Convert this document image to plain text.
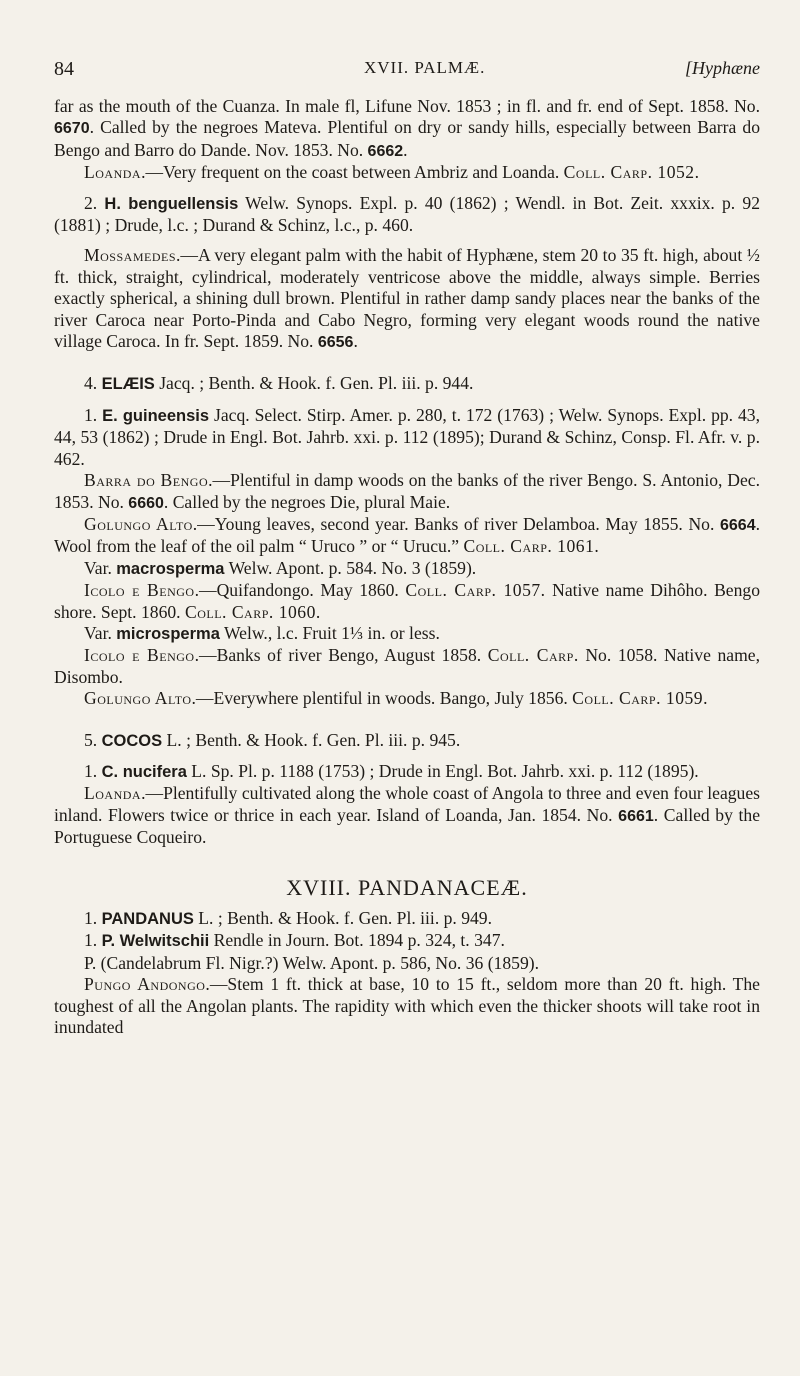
84	XVII. PALMÆ.	[Hyphæne

far as the mouth of the Cuanza. In male fl, Lifune Nov. 1853 ; in fl. and fr. end of Sept. 1858. No. 6670. Called by the negroes Mateva. Plentiful on dry or sandy hills, especially between Barra do Bengo and Barro do Dande. Nov. 1853. No. 6662.

Loanda.—Very frequent on the coast between Ambriz and Loanda. Coll. Carp. 1052.

2. H. benguellensis Welw. Synops. Expl. p. 40 (1862) ; Wendl. in Bot. Zeit. xxxix. p. 92 (1881) ; Drude, l.c. ; Durand & Schinz, l.c., p. 460.

Mossamedes.—A very elegant palm with the habit of Hyphæne, stem 20 to 35 ft. high, about ½ ft. thick, straight, cylindrical, moderately ventricose above the middle, always simple. Berries exactly spherical, a shining dull brown. Plentiful in rather damp sandy places near the banks of the river Caroca near Porto-Pinda and Cabo Negro, forming very elegant woods round the native village Caroca. In fr. Sept. 1859. No. 6656.

4. ELÆIS Jacq. ; Benth. & Hook. f. Gen. Pl. iii. p. 944.

1. E. guineensis Jacq. Select. Stirp. Amer. p. 280, t. 172 (1763) ; Welw. Synops. Expl. pp. 43, 44, 53 (1862) ; Drude in Engl. Bot. Jahrb. xxi. p. 112 (1895); Durand & Schinz, Consp. Fl. Afr. v. p. 462.

Barra do Bengo.—Plentiful in damp woods on the banks of the river Bengo. S. Antonio, Dec. 1853. No. 6660. Called by the negroes Die, plural Maie.

Golungo Alto.—Young leaves, second year. Banks of river Delamboa. May 1855. No. 6664. Wool from the leaf of the oil palm “ Uruco ” or “ Urucu.” Coll. Carp. 1061.

Var. macrosperma Welw. Apont. p. 584. No. 3 (1859).

Icolo e Bengo.—Quifandongo. May 1860. Coll. Carp. 1057. Native name Dihôho. Bengo shore. Sept. 1860. Coll. Carp. 1060.

Var. microsperma Welw., l.c. Fruit 1⅓ in. or less.

Icolo e Bengo.—Banks of river Bengo, August 1858. Coll. Carp. No. 1058. Native name, Disombo.

Golungo Alto.—Everywhere plentiful in woods. Bango, July 1856. Coll. Carp. 1059.

5. COCOS L. ; Benth. & Hook. f. Gen. Pl. iii. p. 945.

1. C. nucifera L. Sp. Pl. p. 1188 (1753) ; Drude in Engl. Bot. Jahrb. xxi. p. 112 (1895).

Loanda.—Plentifully cultivated along the whole coast of Angola to three and even four leagues inland. Flowers twice or thrice in each year. Island of Loanda, Jan. 1854. No. 6661. Called by the Portuguese Coqueiro.

XVIII. PANDANACEÆ.

1. PANDANUS L. ; Benth. & Hook. f. Gen. Pl. iii. p. 949.

1. P. Welwitschii Rendle in Journ. Bot. 1894 p. 324, t. 347.

P. (Candelabrum Fl. Nigr.?) Welw. Apont. p. 586, No. 36 (1859).

Pungo Andongo.—Stem 1 ft. thick at base, 10 to 15 ft., seldom more than 20 ft. high. The toughest of all the Angolan plants. The rapidity with which even the thicker shoots will take root in inundated
